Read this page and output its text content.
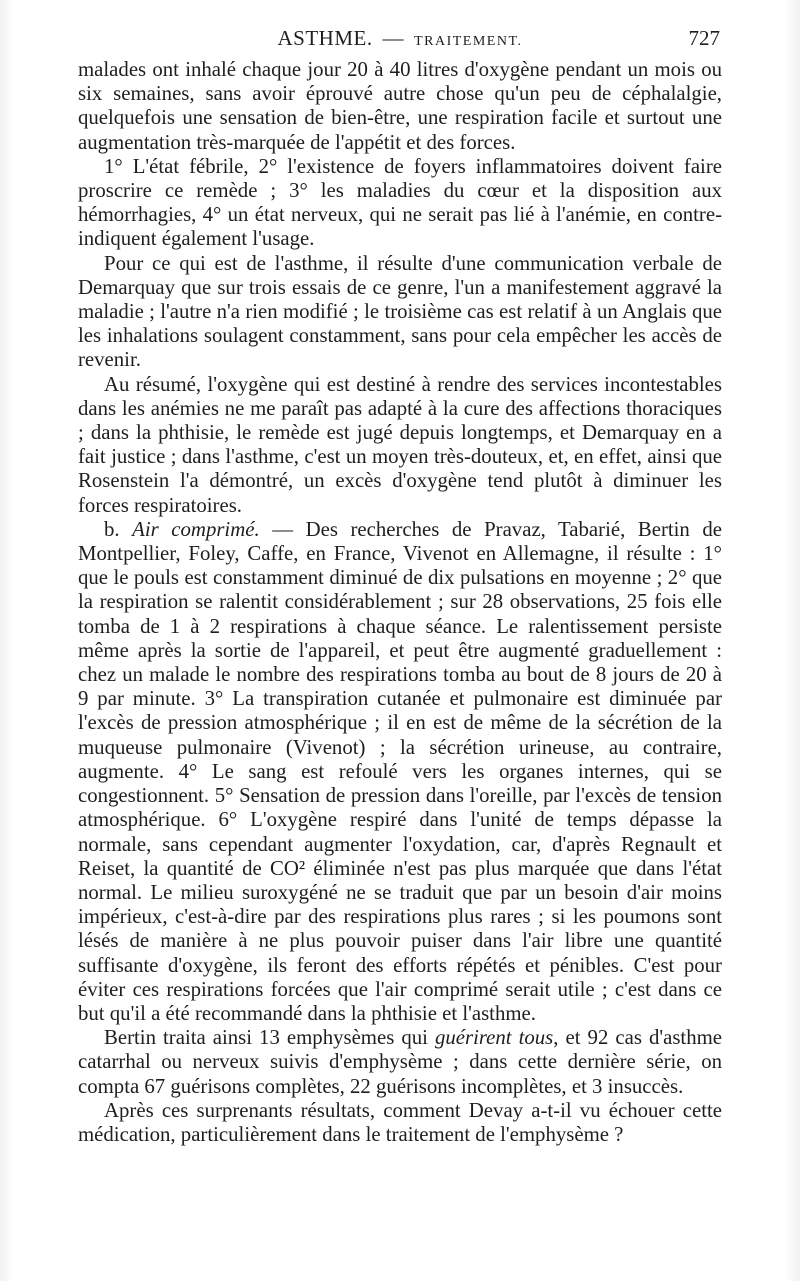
ASTHME. — TRAITEMENT.	727

malades ont inhalé chaque jour 20 à 40 litres d'oxygène pendant un mois ou six semaines, sans avoir éprouvé autre chose qu'un peu de céphalalgie, quelquefois une sensation de bien-être, une respiration facile et surtout une augmentation très-marquée de l'appétit et des forces.

1° L'état fébrile, 2° l'existence de foyers inflammatoires doivent faire proscrire ce remède ; 3° les maladies du cœur et la disposition aux hémorrhagies, 4° un état nerveux, qui ne serait pas lié à l'anémie, en contre-indiquent également l'usage.

Pour ce qui est de l'asthme, il résulte d'une communication verbale de Demarquay que sur trois essais de ce genre, l'un a manifestement aggravé la maladie ; l'autre n'a rien modifié ; le troisième cas est relatif à un Anglais que les inhalations soulagent constamment, sans pour cela empêcher les accès de revenir.

Au résumé, l'oxygène qui est destiné à rendre des services incontestables dans les anémies ne me paraît pas adapté à la cure des affections thoraciques ; dans la phthisie, le remède est jugé depuis longtemps, et Demarquay en a fait justice ; dans l'asthme, c'est un moyen très-douteux, et, en effet, ainsi que Rosenstein l'a démontré, un excès d'oxygène tend plutôt à diminuer les forces respiratoires.

b. Air comprimé. — Des recherches de Pravaz, Tabarié, Bertin de Montpellier, Foley, Caffe, en France, Vivenot en Allemagne, il résulte : 1° que le pouls est constamment diminué de dix pulsations en moyenne ; 2° que la respiration se ralentit considérablement ; sur 28 observations, 25 fois elle tomba de 1 à 2 respirations à chaque séance. Le ralentissement persiste même après la sortie de l'appareil, et peut être augmenté graduellement : chez un malade le nombre des respirations tomba au bout de 8 jours de 20 à 9 par minute. 3° La transpiration cutanée et pulmonaire est diminuée par l'excès de pression atmosphérique ; il en est de même de la sécrétion de la muqueuse pulmonaire (Vivenot) ; la sécrétion urineuse, au contraire, augmente. 4° Le sang est refoulé vers les organes internes, qui se congestionnent. 5° Sensation de pression dans l'oreille, par l'excès de tension atmosphérique. 6° L'oxygène respiré dans l'unité de temps dépasse la normale, sans cependant augmenter l'oxydation, car, d'après Regnault et Reiset, la quantité de CO² éliminée n'est pas plus marquée que dans l'état normal. Le milieu suroxygéné ne se traduit que par un besoin d'air moins impérieux, c'est-à-dire par des respirations plus rares ; si les poumons sont lésés de manière à ne plus pouvoir puiser dans l'air libre une quantité suffisante d'oxygène, ils feront des efforts répétés et pénibles. C'est pour éviter ces respirations forcées que l'air comprimé serait utile ; c'est dans ce but qu'il a été recommandé dans la phthisie et l'asthme.

Bertin traita ainsi 13 emphysèmes qui guérirent tous, et 92 cas d'asthme catarrhal ou nerveux suivis d'emphysème ; dans cette dernière série, on compta 67 guérisons complètes, 22 guérisons incomplètes, et 3 insuccès.

Après ces surprenants résultats, comment Devay a-t-il vu échouer cette médication, particulièrement dans le traitement de l'emphysème ?
